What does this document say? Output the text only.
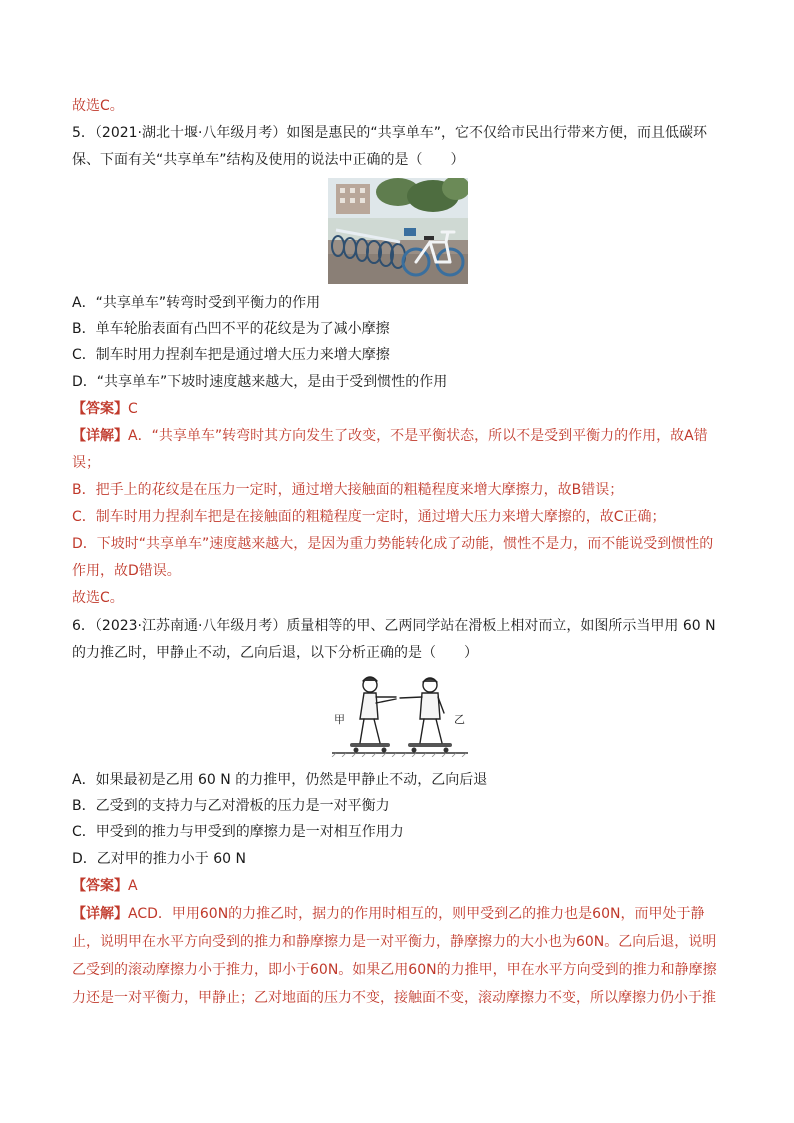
故选C。
5．（2021·湖北十堰·八年级月考）如图是惠民的“共享单车”，它不仅给市民出行带来方便，而且低碳环
保、下面有关“共享单车”结构及使用的说法中正确的是（　　）
A．“共享单车”转弯时受到平衡力的作用
B．单车轮胎表面有凸凹不平的花纹是为了减小摩擦
C．制车时用力捏刹车把是通过增大压力来增大摩擦
D．“共享单车”下坡时速度越来越大，是由于受到惯性的作用
【答案】C
【详解】A．“共享单车”转弯时其方向发生了改变，不是平衡状态，所以不是受到平衡力的作用，故A错
误；
B．把手上的花纹是在压力一定时，通过增大接触面的粗糙程度来增大摩擦力，故B错误；
C．制车时用力捏刹车把是在接触面的粗糙程度一定时，通过增大压力来增大摩擦的，故C正确；
D．下坡时“共享单车”速度越来越大，是因为重力势能转化成了动能，惯性不是力，而不能说受到惯性的
作用，故D错误。
故选C。
6．（2023·江苏南通·八年级月考）质量相等的甲、乙两同学站在滑板上相对而立，如图所示当甲用 60 N
的力推乙时，甲静止不动，乙向后退，以下分析正确的是（　　）
甲	乙
A．如果最初是乙用 60 N 的力推甲，仍然是甲静止不动，乙向后退
B．乙受到的支持力与乙对滑板的压力是一对平衡力
C．甲受到的推力与甲受到的摩擦力是一对相互作用力
D．乙对甲的推力小于 60 N
【答案】A
【详解】ACD．甲用60N的力推乙时，据力的作用时相互的，则甲受到乙的推力也是60N，而甲处于静
止，说明甲在水平方向受到的推力和静摩擦力是一对平衡力，静摩擦力的大小也为60N。乙向后退，说明
乙受到的滚动摩擦力小于推力，即小于60N。如果乙用60N的力推甲，甲在水平方向受到的推力和静摩擦
力还是一对平衡力，甲静止；乙对地面的压力不变，接触面不变，滚动摩擦力不变，所以摩擦力仍小于推
